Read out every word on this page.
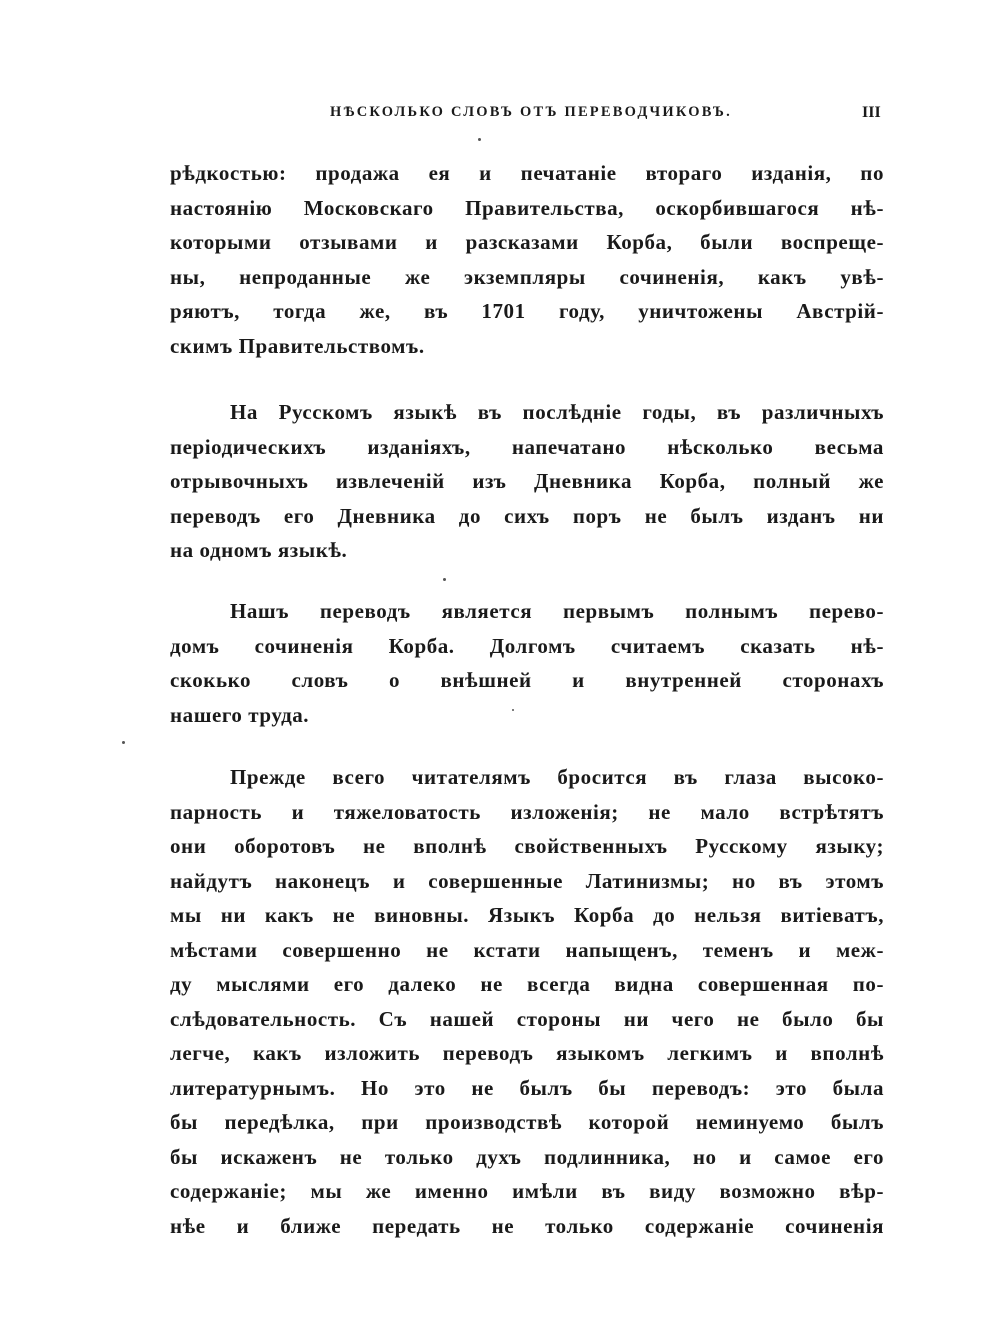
НѢСКОЛЬКО СЛОВЪ ОТЪ ПЕРЕВОДЧИКОВЪ.	III
рѣдкостью: продажа ея и печатаніе втораго изданія, по
настоянію Московскаго Правительства, оскорбившагося нѣ-
которыми отзывами и разсказами Корба, были воспреще-
ны, непроданные же экземпляры сочиненія, какъ увѣ-
ряютъ, тогда же, въ 1701 году, уничтожены Австрій-
скимъ Правительствомъ.
На Русскомъ языкѣ въ послѣдніе годы, въ различныхъ
періодическихъ изданіяхъ, напечатано нѣсколько весьма
отрывочныхъ извлеченій изъ Дневника Корба, полный же
переводъ его Дневника до сихъ поръ не былъ изданъ ни
на одномъ языкѣ.
Нашъ переводъ является первымъ полнымъ перево-
домъ сочиненія Корба. Долгомъ считаемъ сказать нѣ-
скокько словъ о внѣшней и внутренней сторонахъ
нашего труда.
Прежде всего читателямъ бросится въ глаза высоко-
парность и тяжеловатость изложенія; не мало встрѣтятъ
они оборотовъ не вполнѣ свойственныхъ Русскому языку;
найдутъ наконецъ и совершенные Латинизмы; но въ этомъ
мы ни какъ не виновны. Языкъ Корба до нельзя витіеватъ,
мѣстами совершенно не кстати напыщенъ, теменъ и меж-
ду мыслями его далеко не всегда видна совершенная по-
слѣдовательность. Съ нашей стороны ни чего не было бы
легче, какъ изложить переводъ языкомъ легкимъ и вполнѣ
литературнымъ. Но это не былъ бы переводъ: это была
бы передѣлка, при производствѣ которой неминуемо былъ
бы искаженъ не только духъ подлинника, но и самое его
содержаніе; мы же именно имѣли въ виду возможно вѣр-
нѣе и ближе передать не только содержаніе сочиненія
